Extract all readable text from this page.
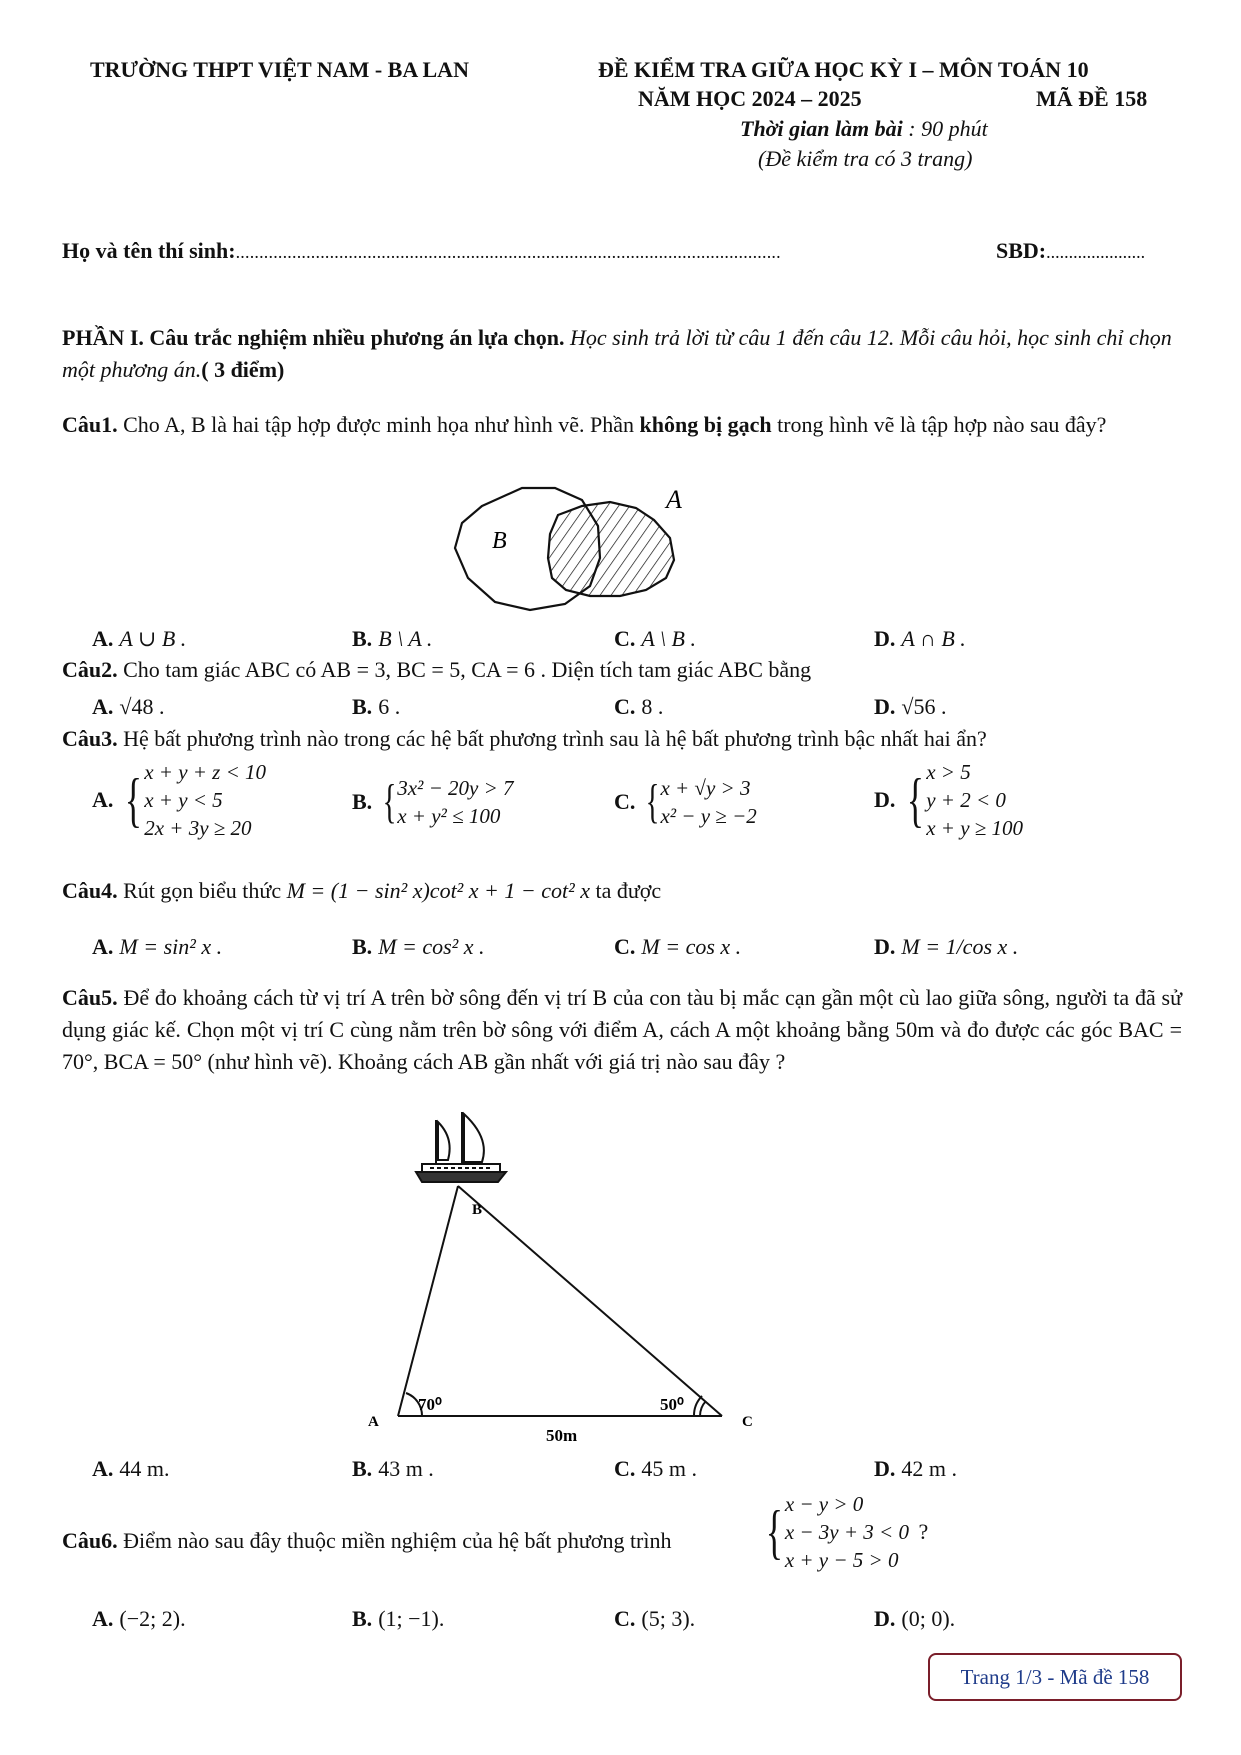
TRƯỜNG THPT VIỆT NAM - BA LAN	ĐỀ KIỂM TRA GIỮA HỌC KỲ I – MÔN TOÁN 10
NĂM HỌC 2024 – 2025	MÃ ĐỀ 158
Thời gian làm bài : 90 phút
(Đề kiểm tra có 3 trang)
Họ và tên thí sinh:....................................................................................................................	SBD:......................
PHẦN I. Câu trắc nghiệm nhiều phương án lựa chọn. Học sinh trả lời từ câu 1 đến câu 12. Mỗi câu hỏi, học sinh chỉ chọn một phương án.( 3 điểm)
Câu1. Cho A, B là hai tập hợp được minh họa như hình vẽ. Phần không bị gạch trong hình vẽ là tập hợp nào sau đây?
A
B
A. A ∪ B .	B. B \ A .	C. A \ B .	D. A ∩ B .
Câu2. Cho tam giác ABC có AB = 3, BC = 5, CA = 6 . Diện tích tam giác ABC bằng
A. √48 .	B. 6 .	C. 8 .	D. √56 .
Câu3. Hệ bất phương trình nào trong các hệ bất phương trình sau là hệ bất phương trình bậc nhất hai ẩn?
A. {x + y + z < 10
x + y < 5
2x + 3y ≥ 20
B. {3x² − 20y > 7
x + y² ≤ 100
C. {x + √y > 3
x² − y ≥ −2
D. {x > 5
y + 2 < 0
x + y ≥ 100
Câu4. Rút gọn biểu thức M = (1 − sin² x)cot² x + 1 − cot² x ta được
A. M = sin² x .	B. M = cos² x .	C. M = cos x .	D. M = 1/cos x .
Câu5. Để đo khoảng cách từ vị trí A trên bờ sông đến vị trí B của con tàu bị mắc cạn gần một cù lao giữa sông, người ta đã sử dụng giác kế. Chọn một vị trí C cùng nằm trên bờ sông với điểm A, cách A một khoảng bằng 50m và đo được các góc BAC = 70°, BCA = 50° (như hình vẽ). Khoảng cách AB gần nhất với giá trị nào sau đây ?
B
A	C
70⁰	50⁰
50m
A. 44 m.	B. 43 m .	C. 45 m .	D. 42 m .
Câu6. Điểm nào sau đây thuộc miền nghiệm của hệ bất phương trình	{x − y > 0
x − 3y + 3 < 0
x + y − 5 > 0 ?
A. (−2; 2).	B. (1; −1).	C. (5; 3).	D. (0; 0).
Trang 1/3 - Mã đề 158
